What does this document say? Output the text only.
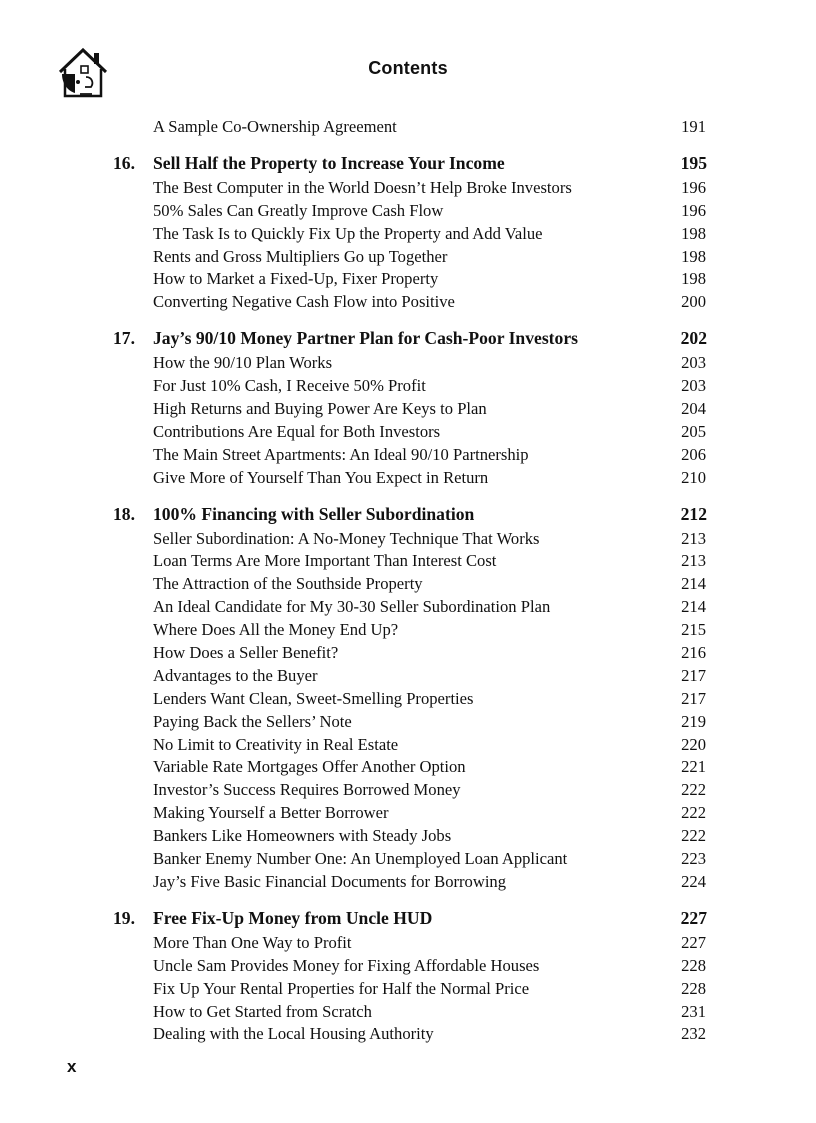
Contents
A Sample Co-Ownership Agreement	191
16. Sell Half the Property to Increase Your Income	195
The Best Computer in the World Doesn’t Help Broke Investors	196
50% Sales Can Greatly Improve Cash Flow	196
The Task Is to Quickly Fix Up the Property and Add Value	198
Rents and Gross Multipliers Go up Together	198
How to Market a Fixed-Up, Fixer Property	198
Converting Negative Cash Flow into Positive	200
17. Jay’s 90/10 Money Partner Plan for Cash-Poor Investors	202
How the 90/10 Plan Works	203
For Just 10% Cash, I Receive 50% Profit	203
High Returns and Buying Power Are Keys to Plan	204
Contributions Are Equal for Both Investors	205
The Main Street Apartments: An Ideal 90/10 Partnership	206
Give More of Yourself Than You Expect in Return	210
18. 100% Financing with Seller Subordination	212
Seller Subordination: A No-Money Technique That Works	213
Loan Terms Are More Important Than Interest Cost	213
The Attraction of the Southside Property	214
An Ideal Candidate for My 30-30 Seller Subordination Plan	214
Where Does All the Money End Up?	215
How Does a Seller Benefit?	216
Advantages to the Buyer	217
Lenders Want Clean, Sweet-Smelling Properties	217
Paying Back the Sellers’ Note	219
No Limit to Creativity in Real Estate	220
Variable Rate Mortgages Offer Another Option	221
Investor’s Success Requires Borrowed Money	222
Making Yourself a Better Borrower	222
Bankers Like Homeowners with Steady Jobs	222
Banker Enemy Number One: An Unemployed Loan Applicant	223
Jay’s Five Basic Financial Documents for Borrowing	224
19. Free Fix-Up Money from Uncle HUD	227
More Than One Way to Profit	227
Uncle Sam Provides Money for Fixing Affordable Houses	228
Fix Up Your Rental Properties for Half the Normal Price	228
How to Get Started from Scratch	231
Dealing with the Local Housing Authority	232
x
